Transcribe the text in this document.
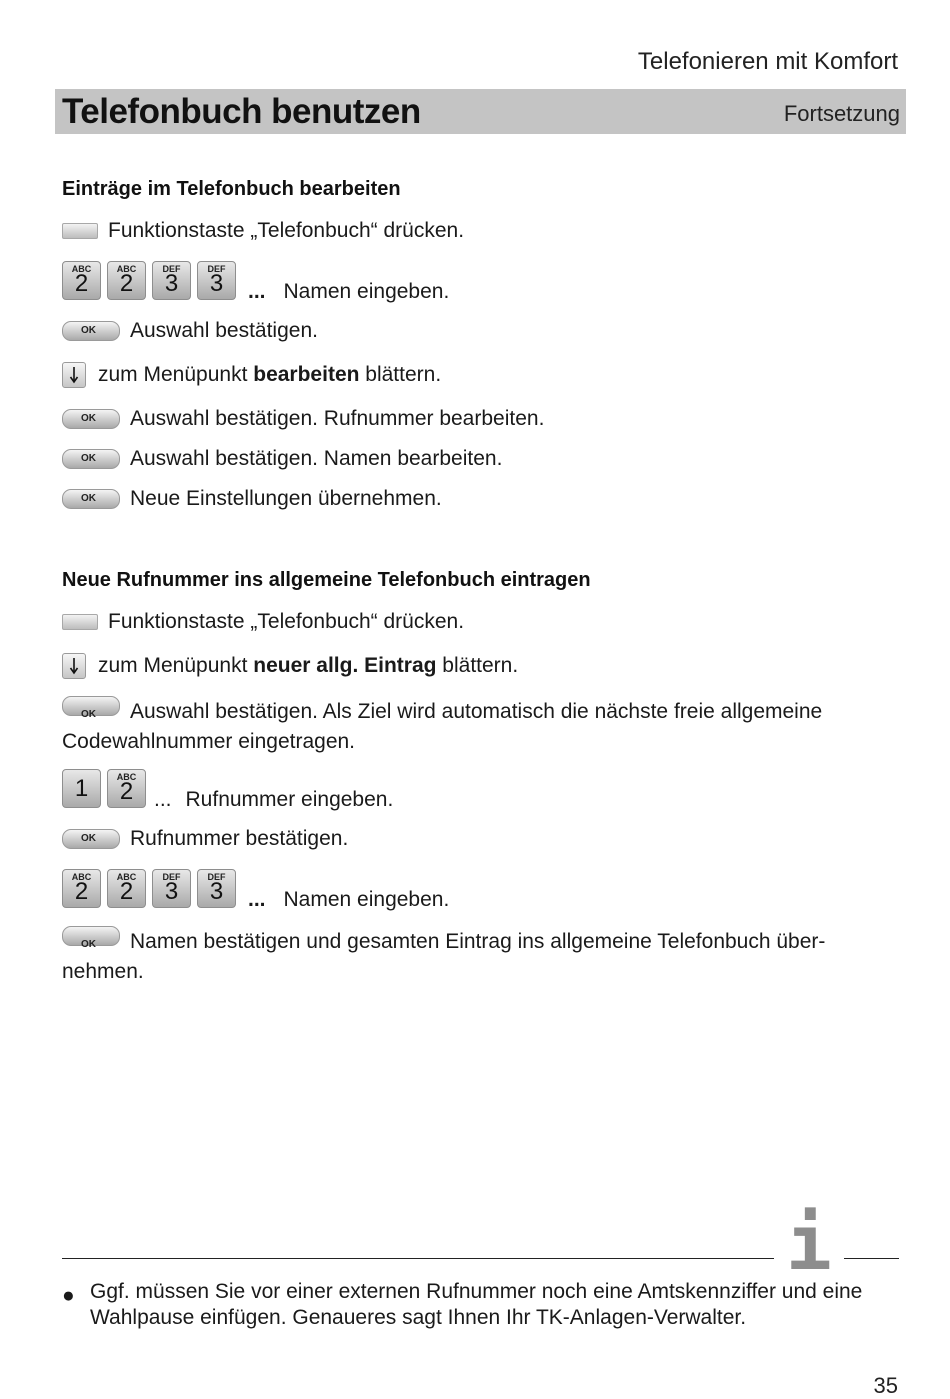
Telefonieren mit Komfort
Telefonbuch benutzen	Fortsetzung
Einträge im Telefonbuch bearbeiten
Funktionstaste „Telefonbuch“ drücken.
ABC
2
ABC
2
DEF
3
DEF
3	... Namen eingeben.
OK Auswahl bestätigen.
zum Menüpunkt bearbeiten blättern.
OK Auswahl bestätigen. Rufnummer bearbeiten.
OK Auswahl bestätigen. Namen bearbeiten.
OK Neue Einstellungen übernehmen.
Neue Rufnummer ins allgemeine Telefonbuch eintragen
Funktionstaste „Telefonbuch“ drücken.
zum Menüpunkt neuer allg. Eintrag blättern.
OK Auswahl bestätigen. Als Ziel wird automatisch die nächste freie allgemeine Codewahlnummer eingetragen.
1	ABC
2 ... Rufnummer eingeben.
OK Rufnummer bestätigen.
ABC
2
ABC
2
DEF
3
DEF
3	... Namen eingeben.
OK Namen bestätigen und gesamten Eintrag ins allgemeine Telefonbuch über-nehmen.
i
● Ggf. müssen Sie vor einer externen Rufnummer noch eine Amtskennziffer und eine Wahlpause einfügen. Genaueres sagt Ihnen Ihr TK-Anlagen-Verwalter.
35
